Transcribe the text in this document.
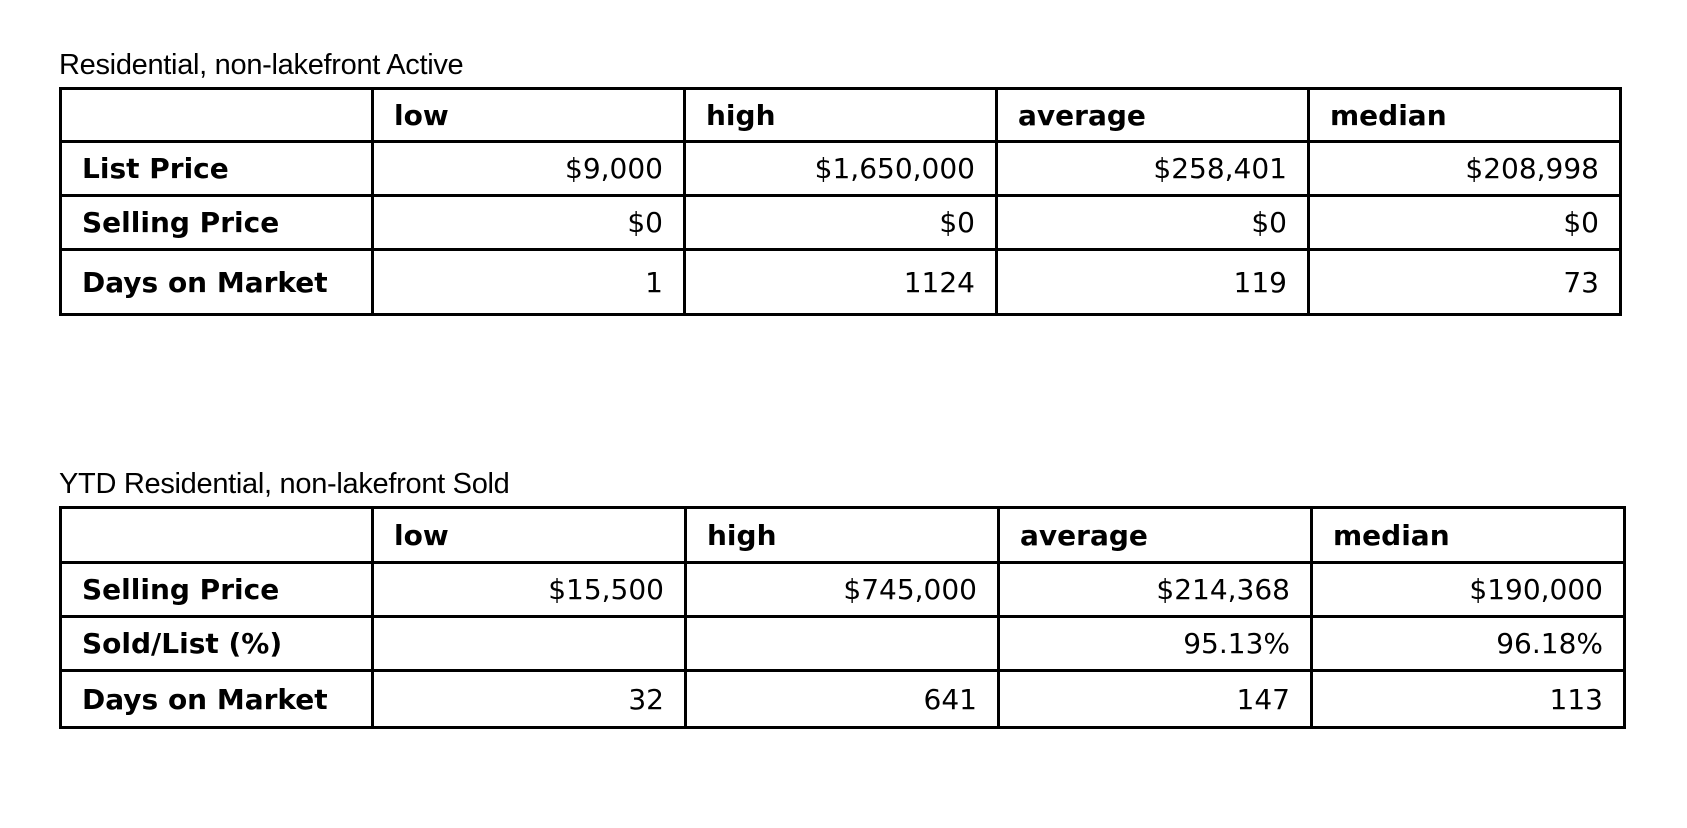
Residential, non-lakefront Active
	low	high	average	median
List Price	$9,000	$1,650,000	$258,401	$208,998
Selling Price	$0	$0	$0	$0
Days on Market	1	1124	119	73
YTD Residential, non-lakefront Sold
	low	high	average	median
Selling Price	$15,500	$745,000	$214,368	$190,000
Sold/List (%)			95.13%	96.18%
Days on Market	32	641	147	113
